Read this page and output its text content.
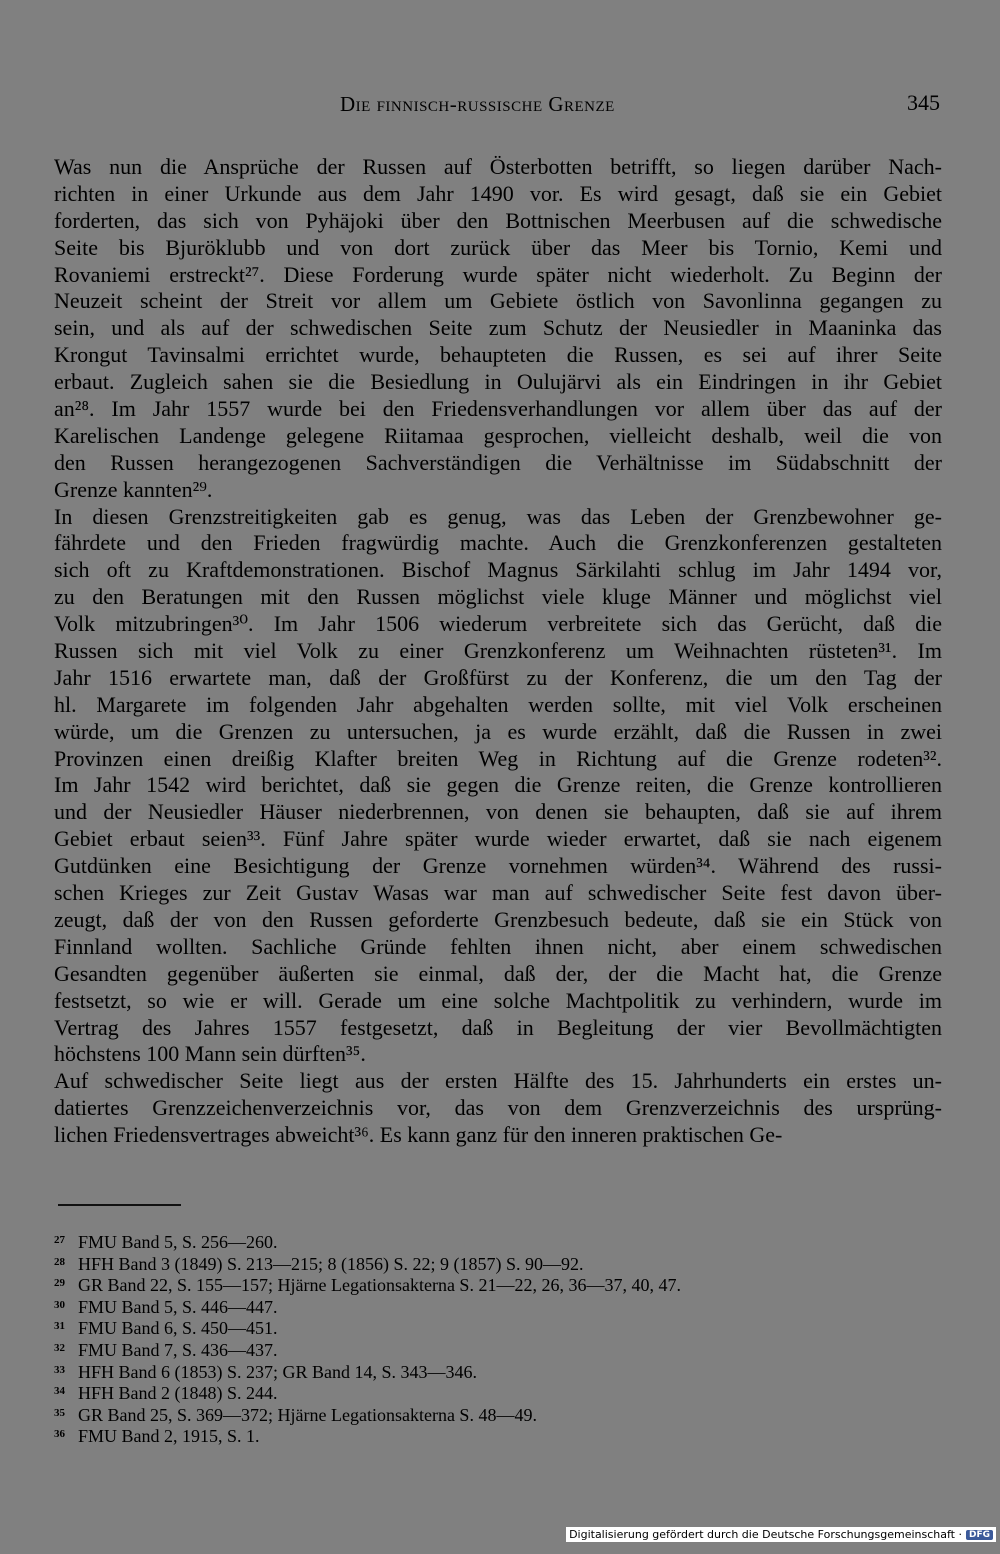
Die finnisch-russische Grenze	345
Was nun die Ansprüche der Russen auf Österbotten betrifft, so liegen darüber Nach-
richten in einer Urkunde aus dem Jahr 1490 vor. Es wird gesagt, daß sie ein Gebiet
forderten, das sich von Pyhäjoki über den Bottnischen Meerbusen auf die schwedische
Seite bis Bjuröklubb und von dort zurück über das Meer bis Tornio, Kemi und
Rovaniemi erstreckt²⁷. Diese Forderung wurde später nicht wiederholt. Zu Beginn der
Neuzeit scheint der Streit vor allem um Gebiete östlich von Savonlinna gegangen zu
sein, und als auf der schwedischen Seite zum Schutz der Neusiedler in Maaninka das
Krongut Tavinsalmi errichtet wurde, behaupteten die Russen, es sei auf ihrer Seite
erbaut. Zugleich sahen sie die Besiedlung in Oulujärvi als ein Eindringen in ihr Gebiet
an²⁸. Im Jahr 1557 wurde bei den Friedensverhandlungen vor allem über das auf der
Karelischen Landenge gelegene Riitamaa gesprochen, vielleicht deshalb, weil die von
den Russen herangezogenen Sachverständigen die Verhältnisse im Südabschnitt der
Grenze kannten²⁹.
In diesen Grenzstreitigkeiten gab es genug, was das Leben der Grenzbewohner ge-
fährdete und den Frieden fragwürdig machte. Auch die Grenzkonferenzen gestalteten
sich oft zu Kraftdemonstrationen. Bischof Magnus Särkilahti schlug im Jahr 1494 vor,
zu den Beratungen mit den Russen möglichst viele kluge Männer und möglichst viel
Volk mitzubringen³⁰. Im Jahr 1506 wiederum verbreitete sich das Gerücht, daß die
Russen sich mit viel Volk zu einer Grenzkonferenz um Weihnachten rüsteten³¹. Im
Jahr 1516 erwartete man, daß der Großfürst zu der Konferenz, die um den Tag der
hl. Margarete im folgenden Jahr abgehalten werden sollte, mit viel Volk erscheinen
würde, um die Grenzen zu untersuchen, ja es wurde erzählt, daß die Russen in zwei
Provinzen einen dreißig Klafter breiten Weg in Richtung auf die Grenze rodeten³².
Im Jahr 1542 wird berichtet, daß sie gegen die Grenze reiten, die Grenze kontrollieren
und der Neusiedler Häuser niederbrennen, von denen sie behaupten, daß sie auf ihrem
Gebiet erbaut seien³³. Fünf Jahre später wurde wieder erwartet, daß sie nach eigenem
Gutdünken eine Besichtigung der Grenze vornehmen würden³⁴. Während des russi-
schen Krieges zur Zeit Gustav Wasas war man auf schwedischer Seite fest davon über-
zeugt, daß der von den Russen geforderte Grenzbesuch bedeute, daß sie ein Stück von
Finnland wollten. Sachliche Gründe fehlten ihnen nicht, aber einem schwedischen
Gesandten gegenüber äußerten sie einmal, daß der, der die Macht hat, die Grenze
festsetzt, so wie er will. Gerade um eine solche Machtpolitik zu verhindern, wurde im
Vertrag des Jahres 1557 festgesetzt, daß in Begleitung der vier Bevollmächtigten
höchstens 100 Mann sein dürften³⁵.
Auf schwedischer Seite liegt aus der ersten Hälfte des 15. Jahrhunderts ein erstes un-
datiertes Grenzzeichenverzeichnis vor, das von dem Grenzverzeichnis des ursprüng-
lichen Friedensvertrages abweicht³⁶. Es kann ganz für den inneren praktischen Ge-
27 FMU Band 5, S. 256—260.
28 HFH Band 3 (1849) S. 213—215; 8 (1856) S. 22; 9 (1857) S. 90—92.
29 GR Band 22, S. 155—157; Hjärne Legationsakterna S. 21—22, 26, 36—37, 40, 47.
30 FMU Band 5, S. 446—447.
31 FMU Band 6, S. 450—451.
32 FMU Band 7, S. 436—437.
33 HFH Band 6 (1853) S. 237; GR Band 14, S. 343—346.
34 HFH Band 2 (1848) S. 244.
35 GR Band 25, S. 369—372; Hjärne Legationsakterna S. 48—49.
36 FMU Band 2, 1915, S. 1.
Digitalisierung gefördert durch die Deutsche Forschungsgemeinschaft · DFG
